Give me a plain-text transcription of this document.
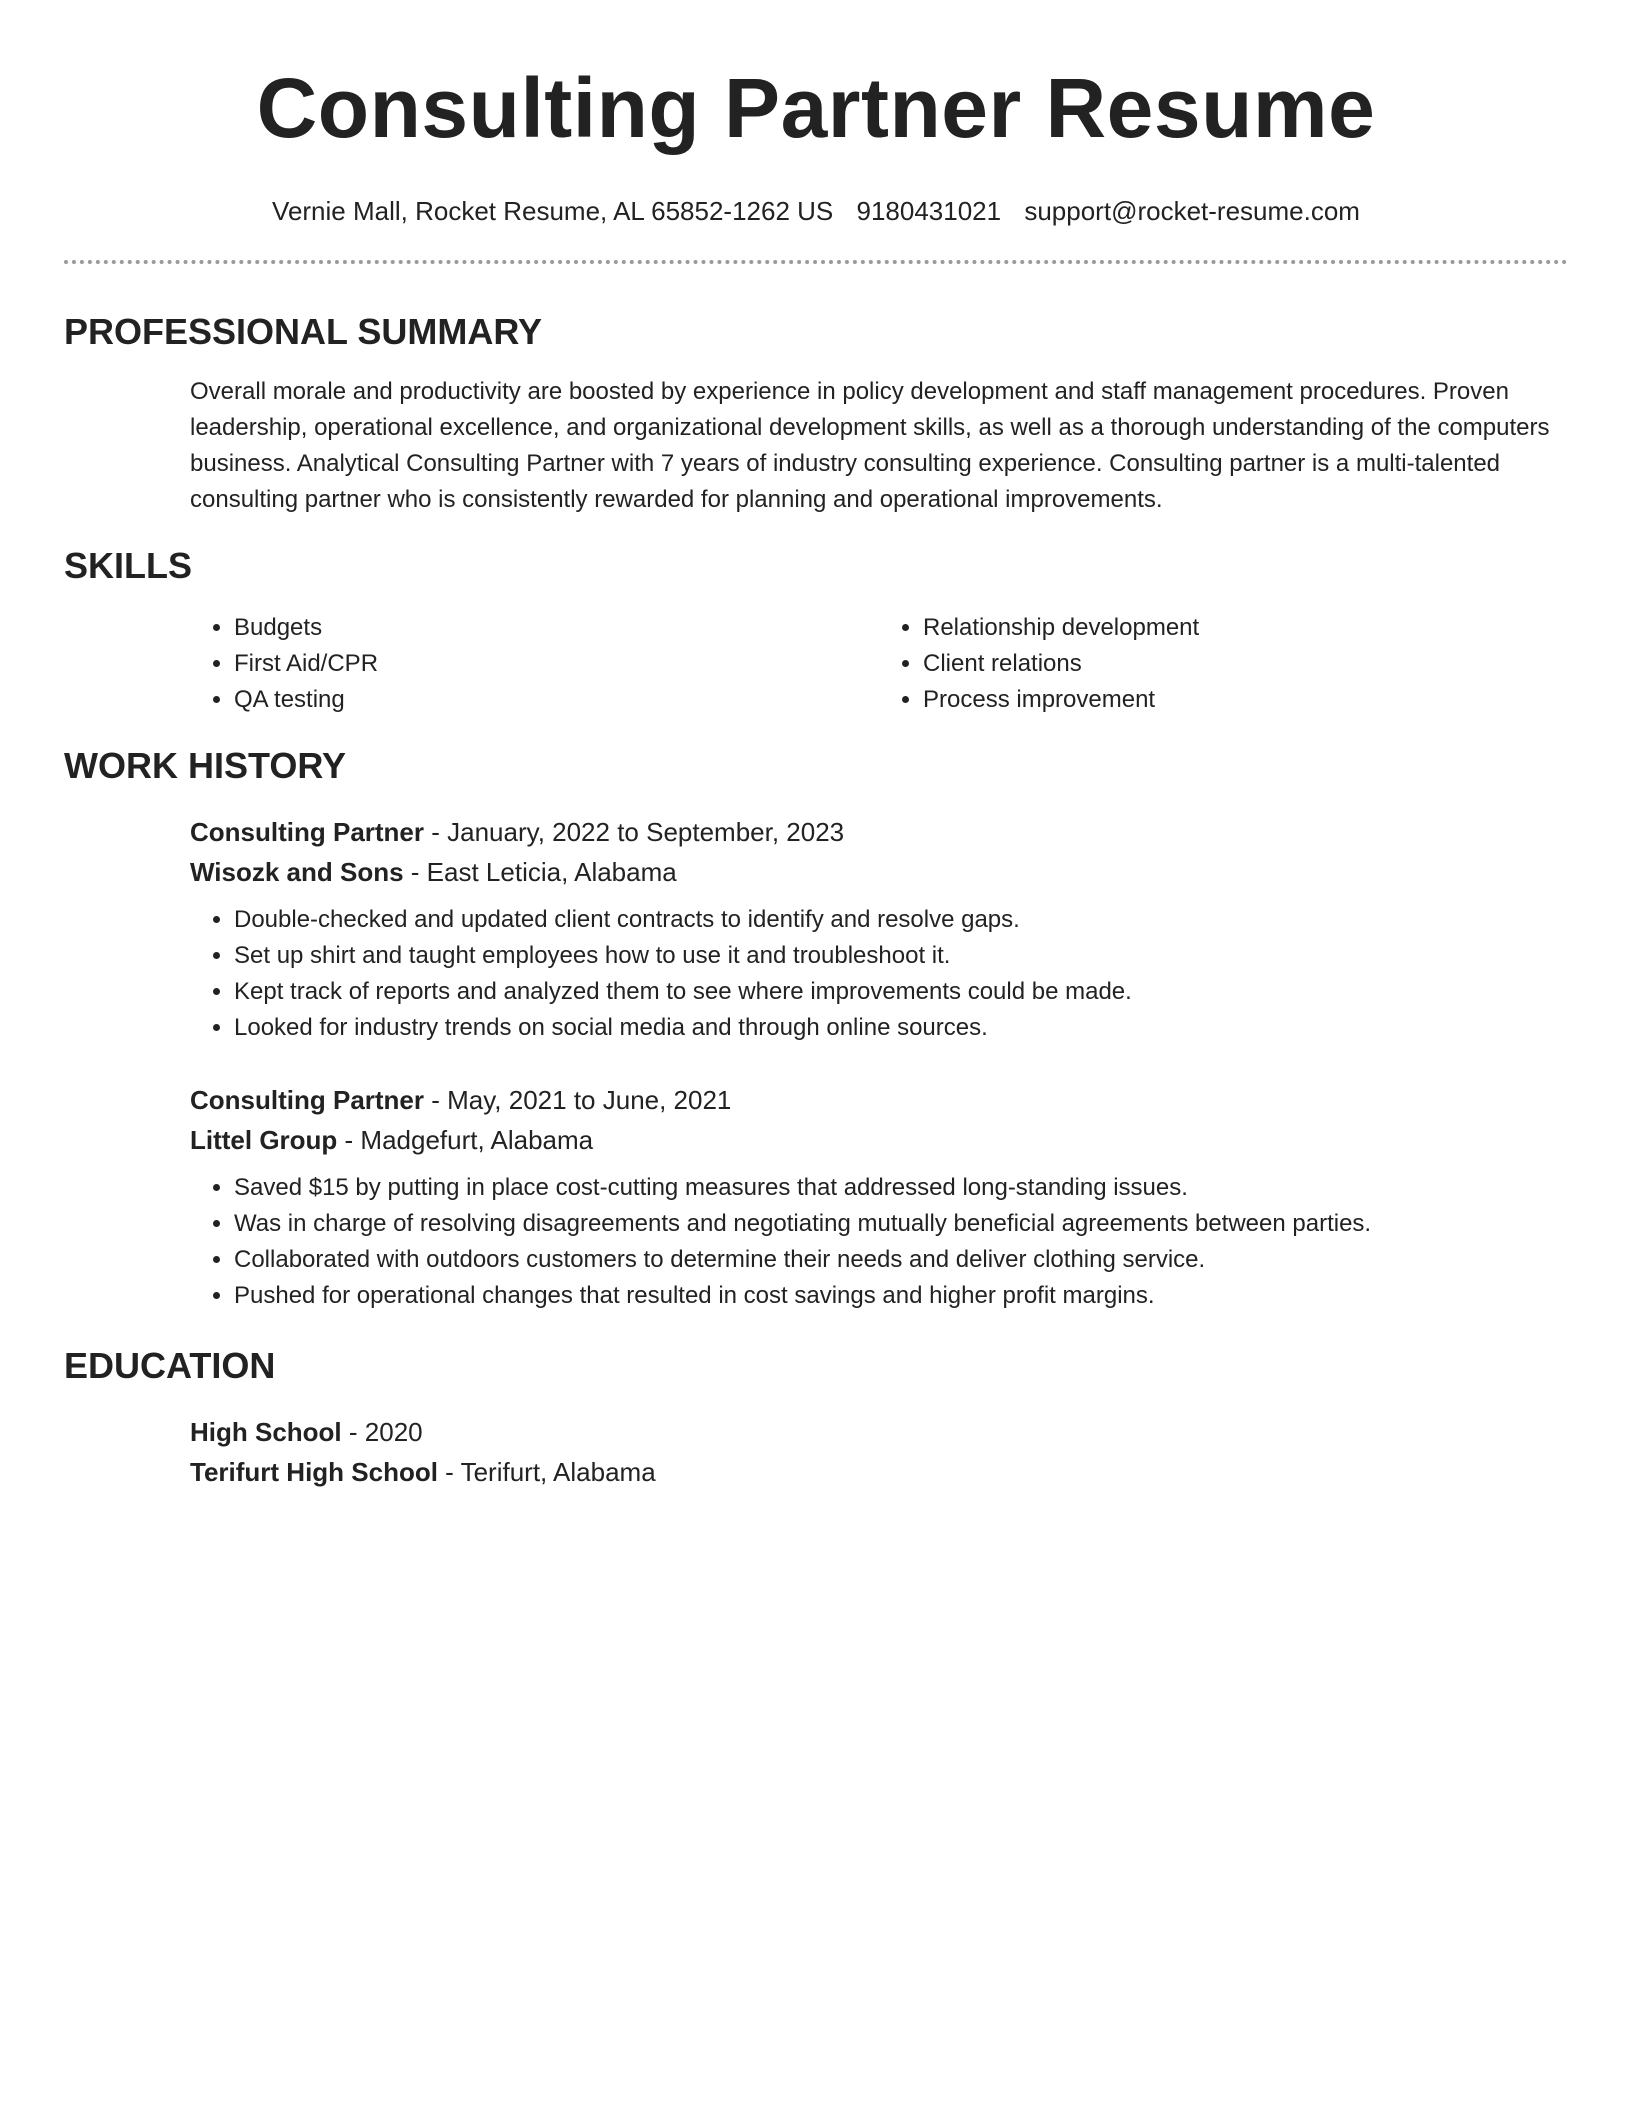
Consulting Partner Resume
Vernie Mall, Rocket Resume, AL 65852-1262 US 9180431021 support@rocket-resume.com
PROFESSIONAL SUMMARY

Overall morale and productivity are boosted by experience in policy development and staff management procedures. Proven leadership, operational excellence, and organizational development skills, as well as a thorough understanding of the computers business. Analytical Consulting Partner with 7 years of industry consulting experience. Consulting partner is a multi-talented consulting partner who is consistently rewarded for planning and operational improvements.

SKILLS
• Budgets
• First Aid/CPR
• QA testing
• Relationship development
• Client relations
• Process improvement
WORK HISTORY
Consulting Partner - January, 2022 to September, 2023
Wisozk and Sons - East Leticia, Alabama
• Double-checked and updated client contracts to identify and resolve gaps.
• Set up shirt and taught employees how to use it and troubleshoot it.
• Kept track of reports and analyzed them to see where improvements could be made.
• Looked for industry trends on social media and through online sources.
Consulting Partner - May, 2021 to June, 2021
Littel Group - Madgefurt, Alabama
• Saved $15 by putting in place cost-cutting measures that addressed long-standing issues.
• Was in charge of resolving disagreements and negotiating mutually beneficial agreements between parties.
• Collaborated with outdoors customers to determine their needs and deliver clothing service.
• Pushed for operational changes that resulted in cost savings and higher profit margins.
EDUCATION
High School - 2020
Terifurt High School - Terifurt, Alabama
